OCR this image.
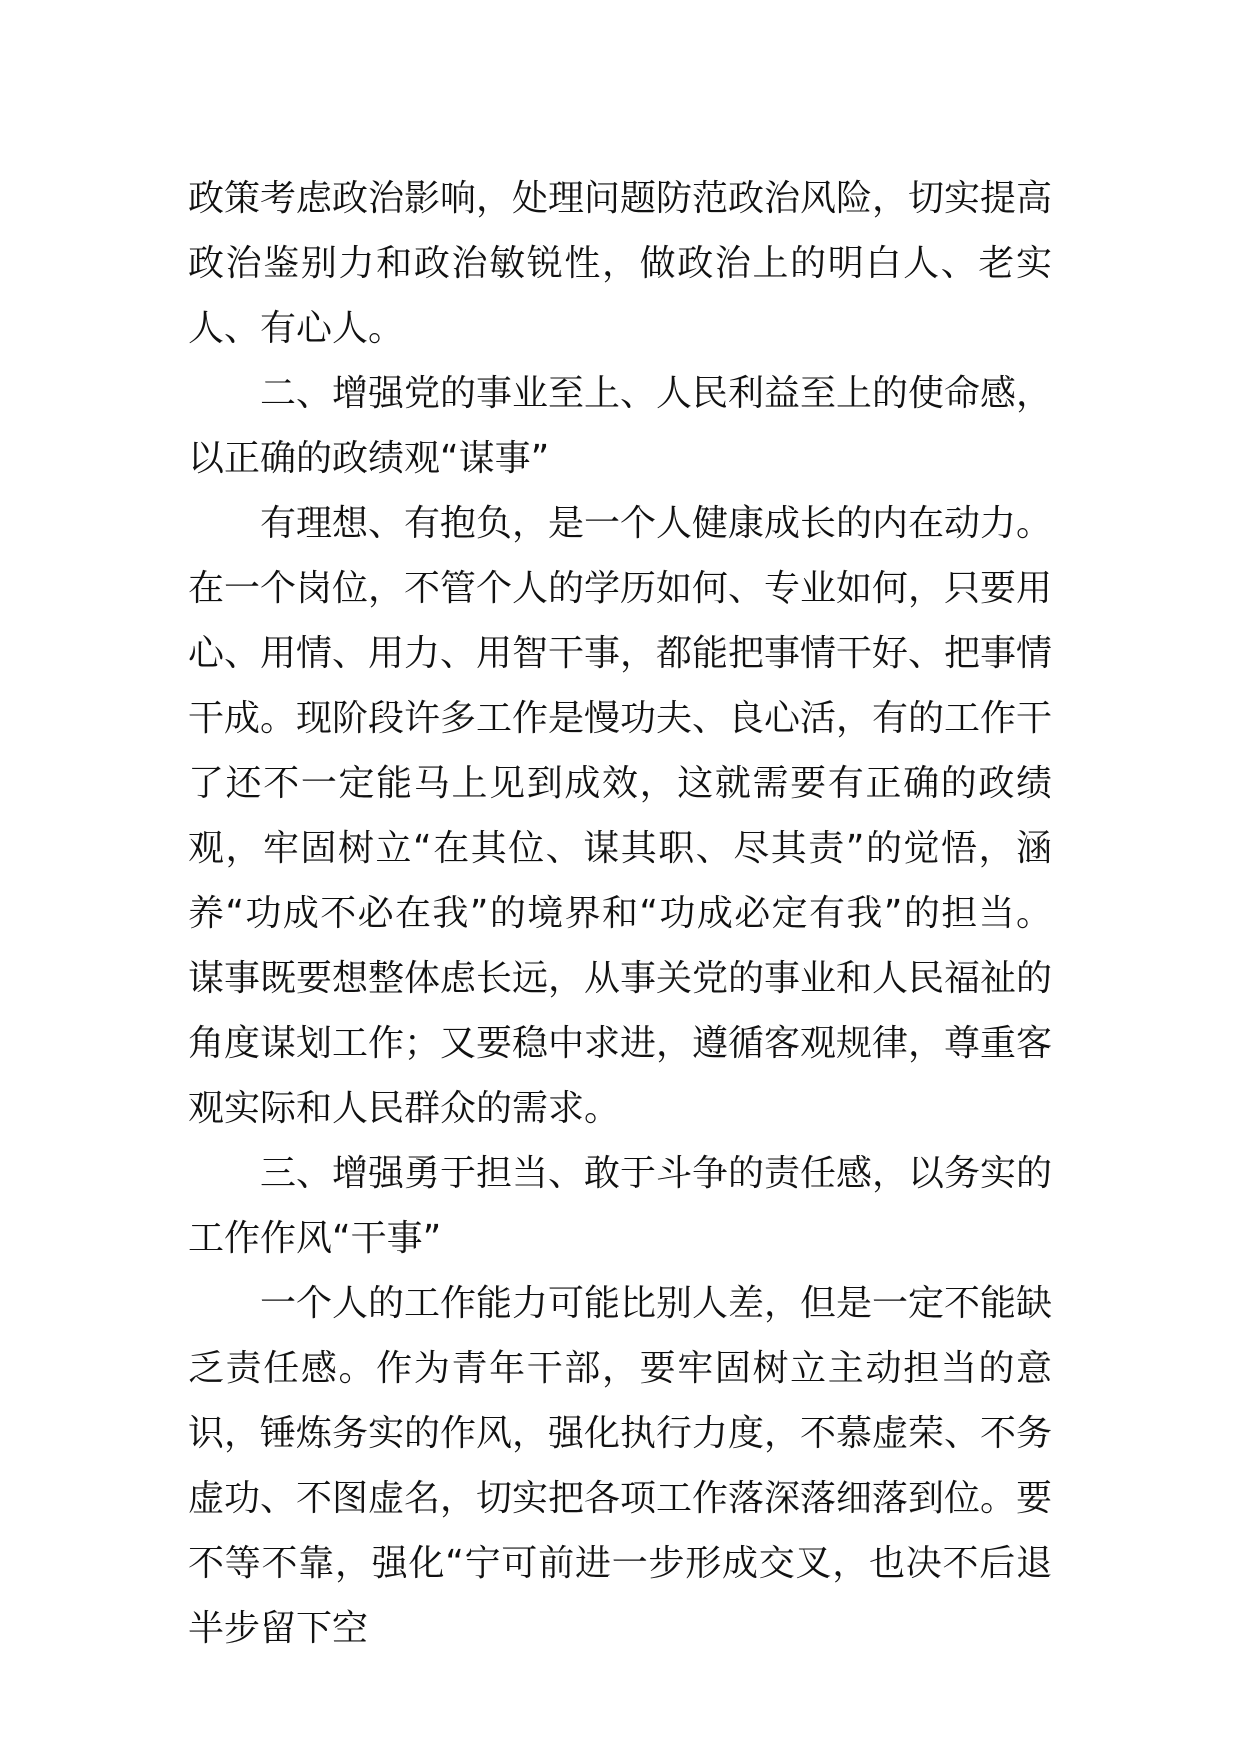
政策考虑政治影响，处理问题防范政治风险，切实提高政治鉴别力和政治敏锐性，做政治上的明白人、老实人、有心人。

二、增强党的事业至上、人民利益至上的使命感，以正确的政绩观“谋事”

有理想、有抱负，是一个人健康成长的内在动力。在一个岗位，不管个人的学历如何、专业如何，只要用心、用情、用力、用智干事，都能把事情干好、把事情干成。现阶段许多工作是慢功夫、良心活，有的工作干了还不一定能马上见到成效，这就需要有正确的政绩观，牢固树立“在其位、谋其职、尽其责”的觉悟，涵养“功成不必在我”的境界和“功成必定有我”的担当。谋事既要想整体虑长远，从事关党的事业和人民福祉的角度谋划工作；又要稳中求进，遵循客观规律，尊重客观实际和人民群众的需求。

三、增强勇于担当、敢于斗争的责任感，以务实的工作作风“干事”

一个人的工作能力可能比别人差，但是一定不能缺乏责任感。作为青年干部，要牢固树立主动担当的意识，锤炼务实的作风，强化执行力度，不慕虚荣、不务虚功、不图虚名，切实把各项工作落深落细落到位。要不等不靠，强化“宁可前进一步形成交叉，也决不后退半步留下空
